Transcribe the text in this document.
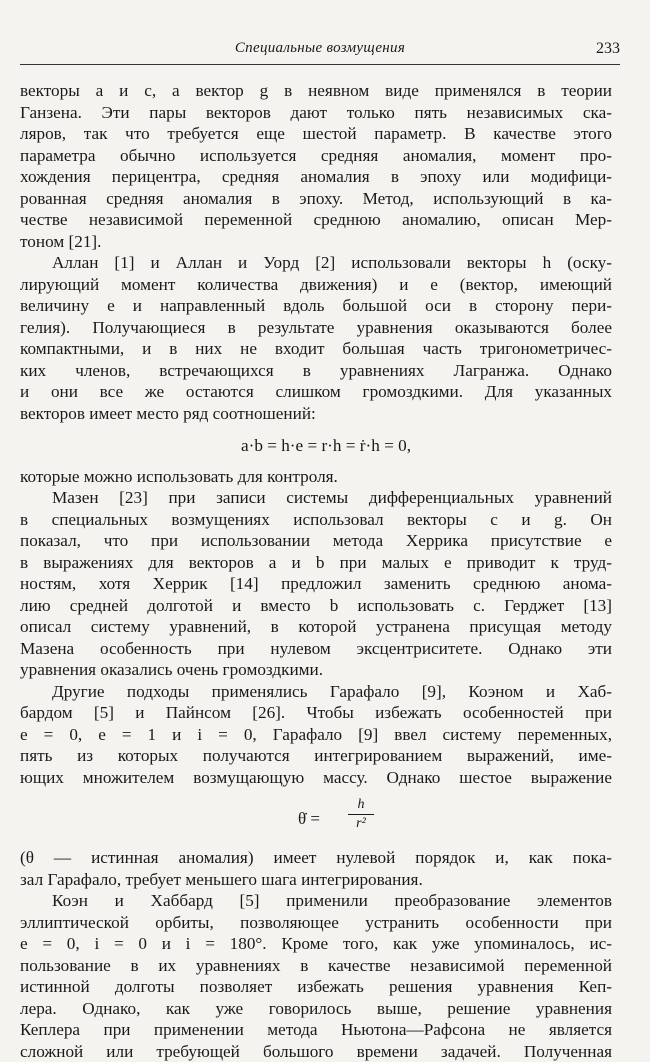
Специальные возмущения	233
векторы a и c, а вектор g в неявном виде применялся в теории
Ганзена. Эти пары векторов дают только пять независимых ска-
ляров, так что требуется еще шестой параметр. В качестве этого
параметра обычно используется средняя аномалия, момент про-
хождения перицентра, средняя аномалия в эпоху или модифици-
рованная средняя аномалия в эпоху. Метод, использующий в ка-
честве независимой переменной среднюю аномалию, описан Мер-
тоном [21].
Аллан [1] и Аллан и Уорд [2] использовали векторы h (оску-
лирующий момент количества движения) и e (вектор, имеющий
величину e и направленный вдоль большой оси в сторону пери-
гелия). Получающиеся в результате уравнения оказываются более
компактными, и в них не входит большая часть тригонометричес-
ких членов, встречающихся в уравнениях Лагранжа. Однако
и они все же остаются слишком громоздкими. Для указанных
векторов имеет место ряд соотношений:
a·b = h·e = r·h = ṙ·h = 0,
которые можно использовать для контроля.
Мазен [23] при записи системы дифференциальных уравнений
в специальных возмущениях использовал векторы c и g. Он
показал, что при использовании метода Херрика присутствие e
в выражениях для векторов a и b при малых e приводит к труд-
ностям, хотя Херрик [14] предложил заменить среднюю анома-
лию средней долготой и вместо b использовать c. Герджет [13]
описал систему уравнений, в которой устранена присущая методу
Мазена особенность при нулевом эксцентриситете. Однако эти
уравнения оказались очень громоздкими.
Другие подходы применялись Гарафало [9], Коэном и Хаб-
бардом [5] и Пайнсом [26]. Чтобы избежать особенностей при
e = 0, e = 1 и i = 0, Гарафало [9] ввел систему переменных,
пять из которых получаются интегрированием выражений, име-
ющих множителем возмущающую массу. Однако шестое выражение
θ̇ = $\frac{h}{\text{r²}}$
(θ — истинная аномалия) имеет нулевой порядок и, как пока-
зал Гарафало, требует меньшего шага интегрирования.
Коэн и Хаббард [5] применили преобразование элементов
эллиптической орбиты, позволяющее устранить особенности при
e = 0, i = 0 и i = 180°. Кроме того, как уже упоминалось, ис-
пользование в их уравнениях в качестве независимой переменной
истинной долготы позволяет избежать решения уравнения Кеп-
лера. Однако, как уже говорилось выше, решение уравнения
Кеплера при применении метода Ньютона—Рафсона не является
сложной или требующей большого времени задачей. Полученная
